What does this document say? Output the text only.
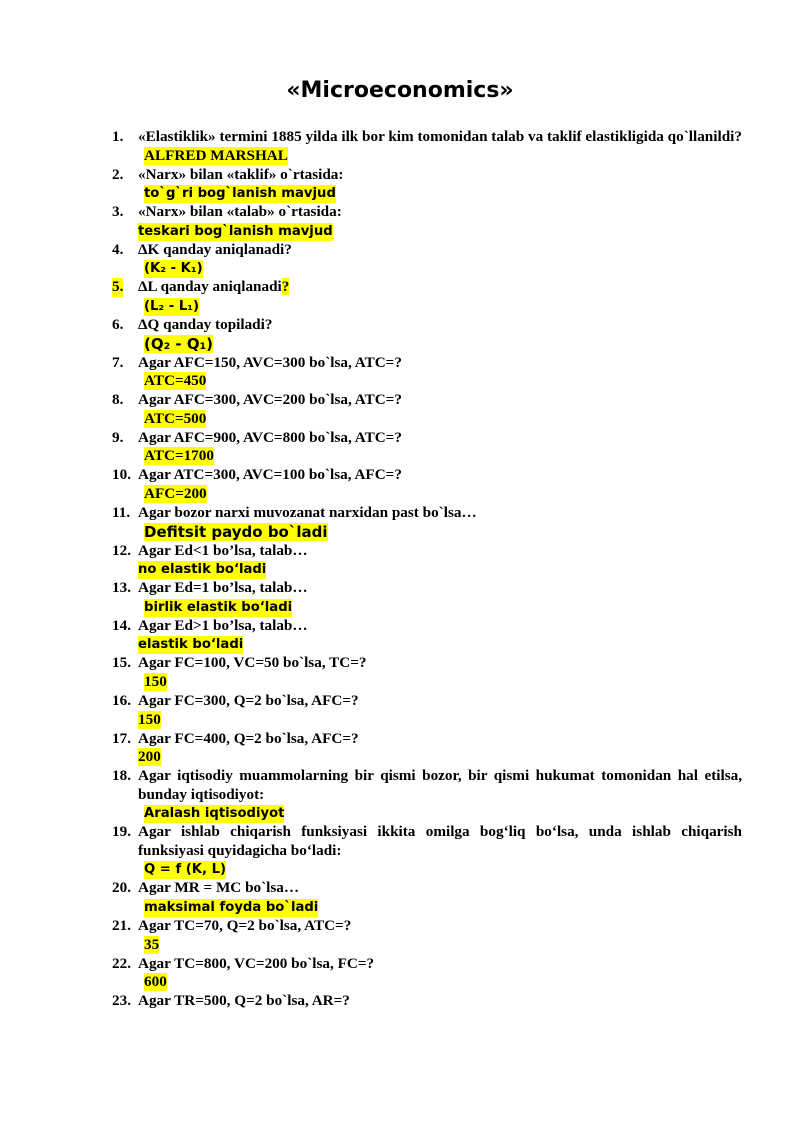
«Microeconomics»
1. «Elastiklik» termini 1885 yilda ilk bor kim tomonidan talab va taklif elastikligida qo`llanildi?
ALFRED MARSHAL
2. «Narx» bilan «taklif» o`rtasida:
to`g`ri bog`lanish mavjud
3. «Narx» bilan «talab» o`rtasida:
teskari bog`lanish mavjud
4. ΔK qanday aniqlanadi?
(K₂ - K₁)
5. ΔL qanday aniqlanadi?
(L₂ - L₁)
6. ΔQ qanday topiladi?
(Q₂ - Q₁)
7. Agar AFC=150, AVC=300 bo`lsa, ATC=?
ATC=450
8. Agar AFC=300, AVC=200 bo`lsa, ATC=?
ATC=500
9. Agar AFC=900, AVC=800 bo`lsa, ATC=?
ATC=1700
10. Agar ATC=300, AVC=100 bo`lsa, AFC=?
AFC=200
11. Agar bozor narxi muvozanat narxidan past bo`lsa…
Defitsit paydo bo`ladi
12. Agar Ed<1 bo’lsa, talab…
no elastik bo‘ladi
13. Agar Ed=1 bo’lsa, talab…
birlik elastik bo‘ladi
14. Agar Ed>1 bo’lsa, talab…
elastik bo‘ladi
15. Agar FC=100, VC=50 bo`lsa, TC=?
150
16. Agar FC=300, Q=2 bo`lsa, AFC=?
150
17. Agar FC=400, Q=2 bo`lsa, AFC=?
200
18. Agar iqtisodiy muammolarning bir qismi bozor, bir qismi hukumat tomonidan hal etilsa, bunday iqtisodiyot:
Aralash iqtisodiyot
19. Agar ishlab chiqarish funksiyasi ikkita omilga bog‘liq bo‘lsa, unda ishlab chiqarish funksiyasi quyidagicha bo‘ladi:
Q = f (K, L)
20. Agar MR = MC bo`lsa…
maksimal foyda bo`ladi
21. Agar TC=70, Q=2 bo`lsa, ATC=?
35
22. Agar TC=800, VC=200 bo`lsa, FC=?
600
23. Agar TR=500, Q=2 bo`lsa, AR=?
